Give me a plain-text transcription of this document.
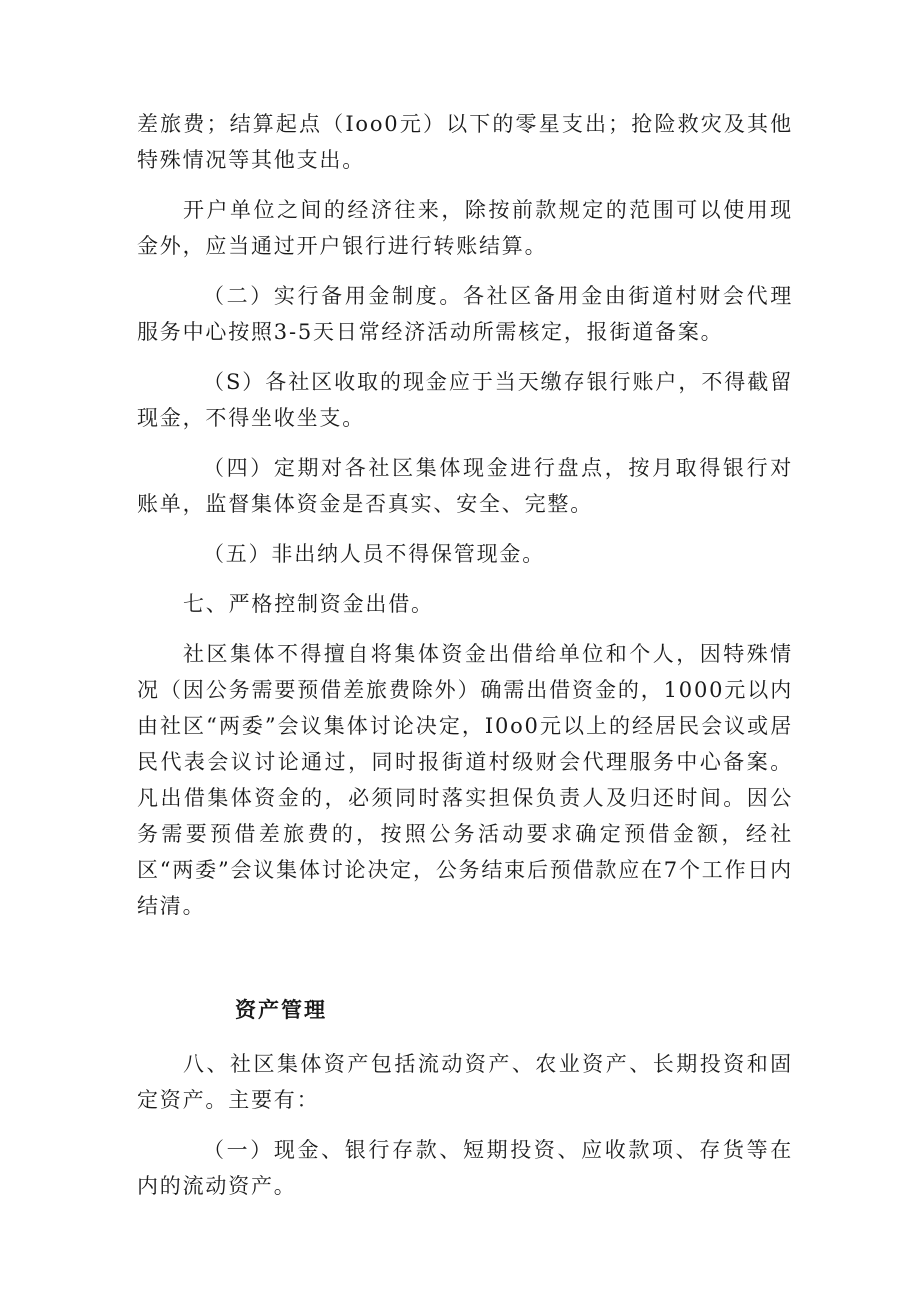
差旅费；结算起点（Ioo0元）以下的零星支出；抢险救灾及其他特殊情况等其他支出。

开户单位之间的经济往来，除按前款规定的范围可以使用现金外，应当通过开户银行进行转账结算。

（二）实行备用金制度。各社区备用金由街道村财会代理服务中心按照3-5天日常经济活动所需核定，报街道备案。

（S）各社区收取的现金应于当天缴存银行账户，不得截留现金，不得坐收坐支。

（四）定期对各社区集体现金进行盘点，按月取得银行对账单，监督集体资金是否真实、安全、完整。

（五）非出纳人员不得保管现金。

七、严格控制资金出借。

社区集体不得擅自将集体资金出借给单位和个人，因特殊情况（因公务需要预借差旅费除外）确需出借资金的，1000元以内由社区“两委”会议集体讨论决定，I0o0元以上的经居民会议或居民代表会议讨论通过，同时报街道村级财会代理服务中心备案。凡出借集体资金的，必须同时落实担保负责人及归还时间。因公务需要预借差旅费的，按照公务活动要求确定预借金额，经社区“两委”会议集体讨论决定，公务结束后预借款应在7个工作日内结清。

资产管理

八、社区集体资产包括流动资产、农业资产、长期投资和固定资产。主要有：

（一）现金、银行存款、短期投资、应收款项、存货等在内的流动资产。
